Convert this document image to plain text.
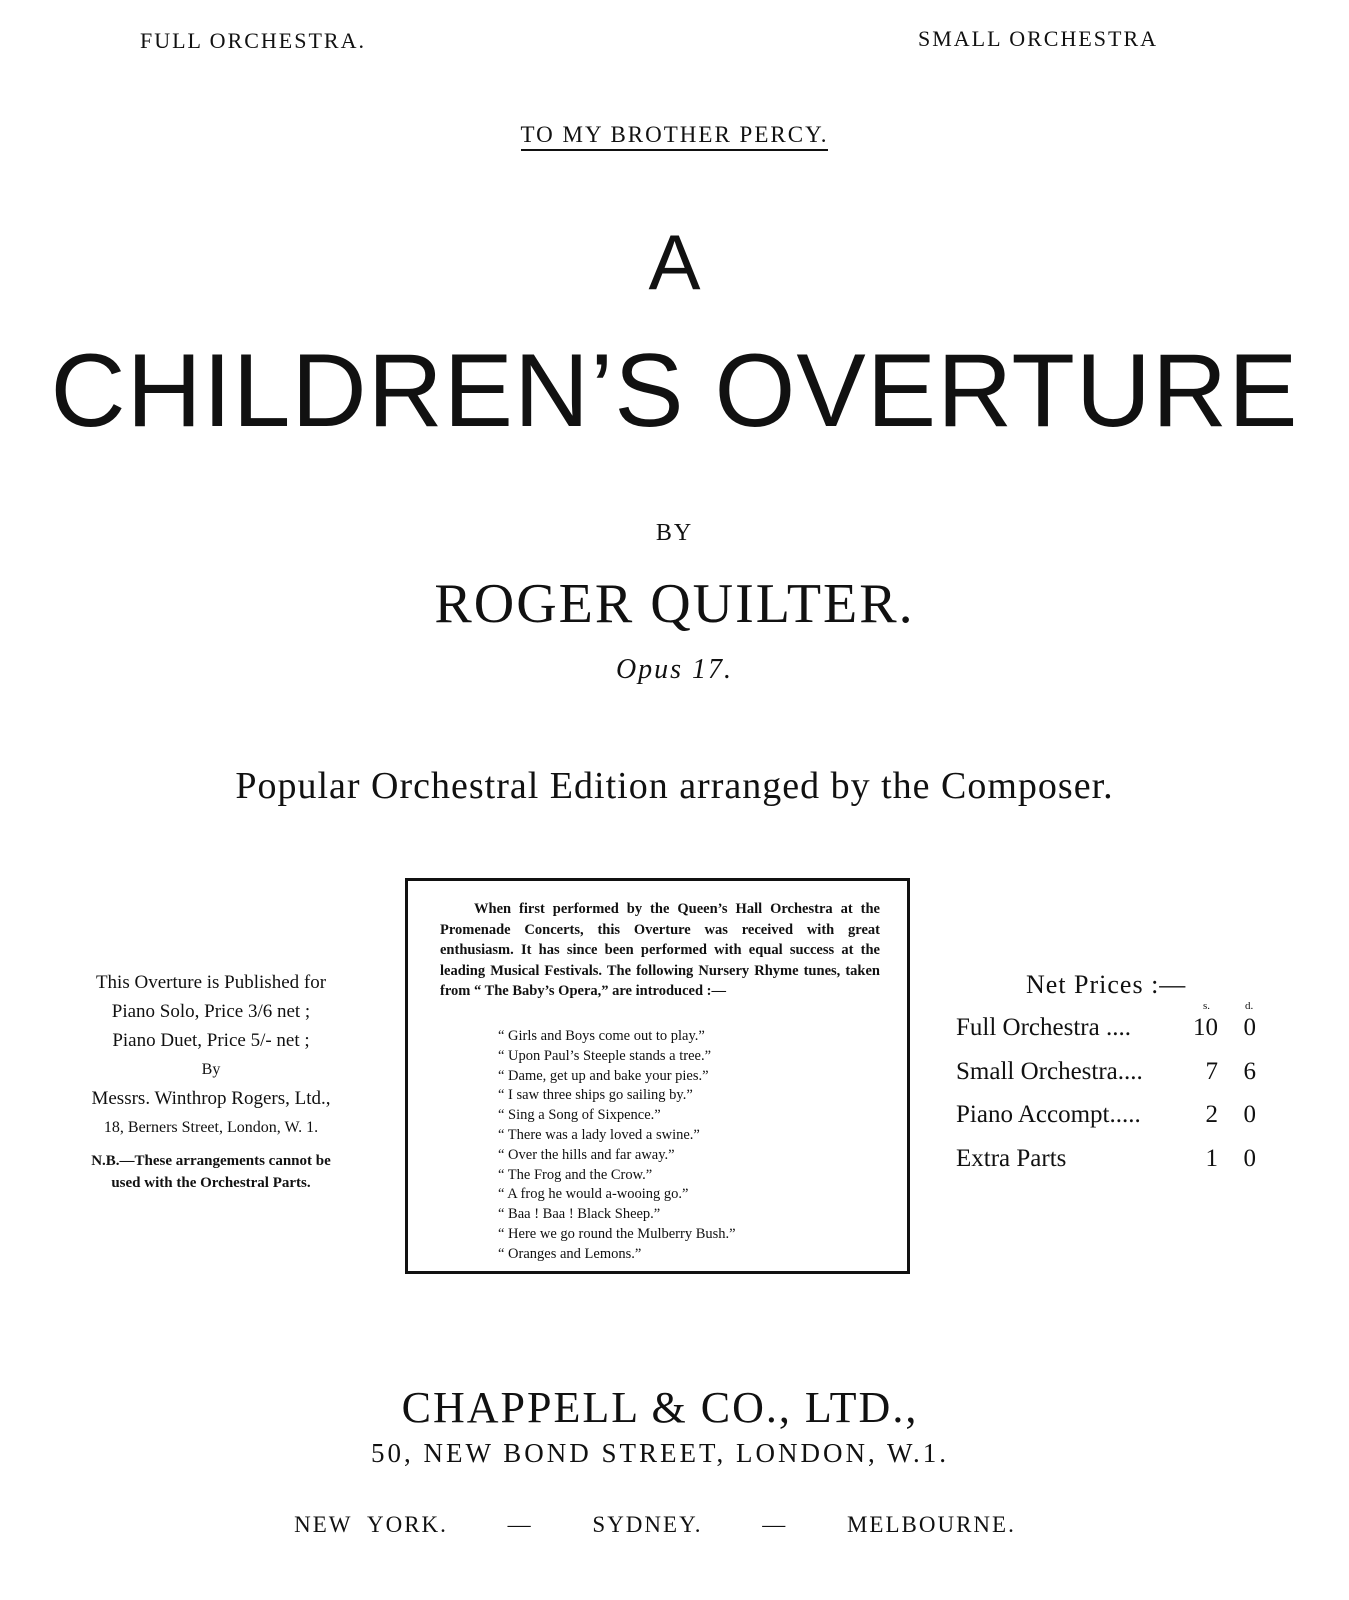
FULL ORCHESTRA.	SMALL ORCHESTRA
TO MY BROTHER PERCY.
A
CHILDREN’S OVERTURE
BY
ROGER QUILTER.
Opus 17.
Popular Orchestral Edition arranged by the Composer.
This Overture is Published for
Piano Solo, Price 3/6 net ;
Piano Duet, Price 5/- net ;
By
Messrs. Winthrop Rogers, Ltd.,
18, Berners Street, London, W. 1.
N.B.—These arrangements cannot be
used with the Orchestral Parts.
When first performed by the Queen’s Hall Orchestra at the Promenade Concerts, this Overture was received with great enthusiasm. It has since been performed with equal success at the leading Musical Festivals. The following Nursery Rhyme tunes, taken from “ The Baby’s Opera,” are introduced :—
“ Girls and Boys come out to play.”
“ Upon Paul’s Steeple stands a tree.”
“ Dame, get up and bake your pies.”
“ I saw three ships go sailing by.”
“ Sing a Song of Sixpence.”
“ There was a lady loved a swine.”
“ Over the hills and far away.”
“ The Frog and the Crow.”
“ A frog he would a-wooing go.”
“ Baa ! Baa ! Black Sheep.”
“ Here we go round the Mulberry Bush.”
“ Oranges and Lemons.”
Net Prices :—
s.	d.
Full Orchestra .... 10 0
Small Orchestra....	7 6
Piano Accompt.....	2 0
Extra Parts	1 0
CHAPPELL & CO., LTD.,
50, NEW BOND STREET, LONDON, W.1.
NEW YORK.	—	SYDNEY.	—	MELBOURNE.
